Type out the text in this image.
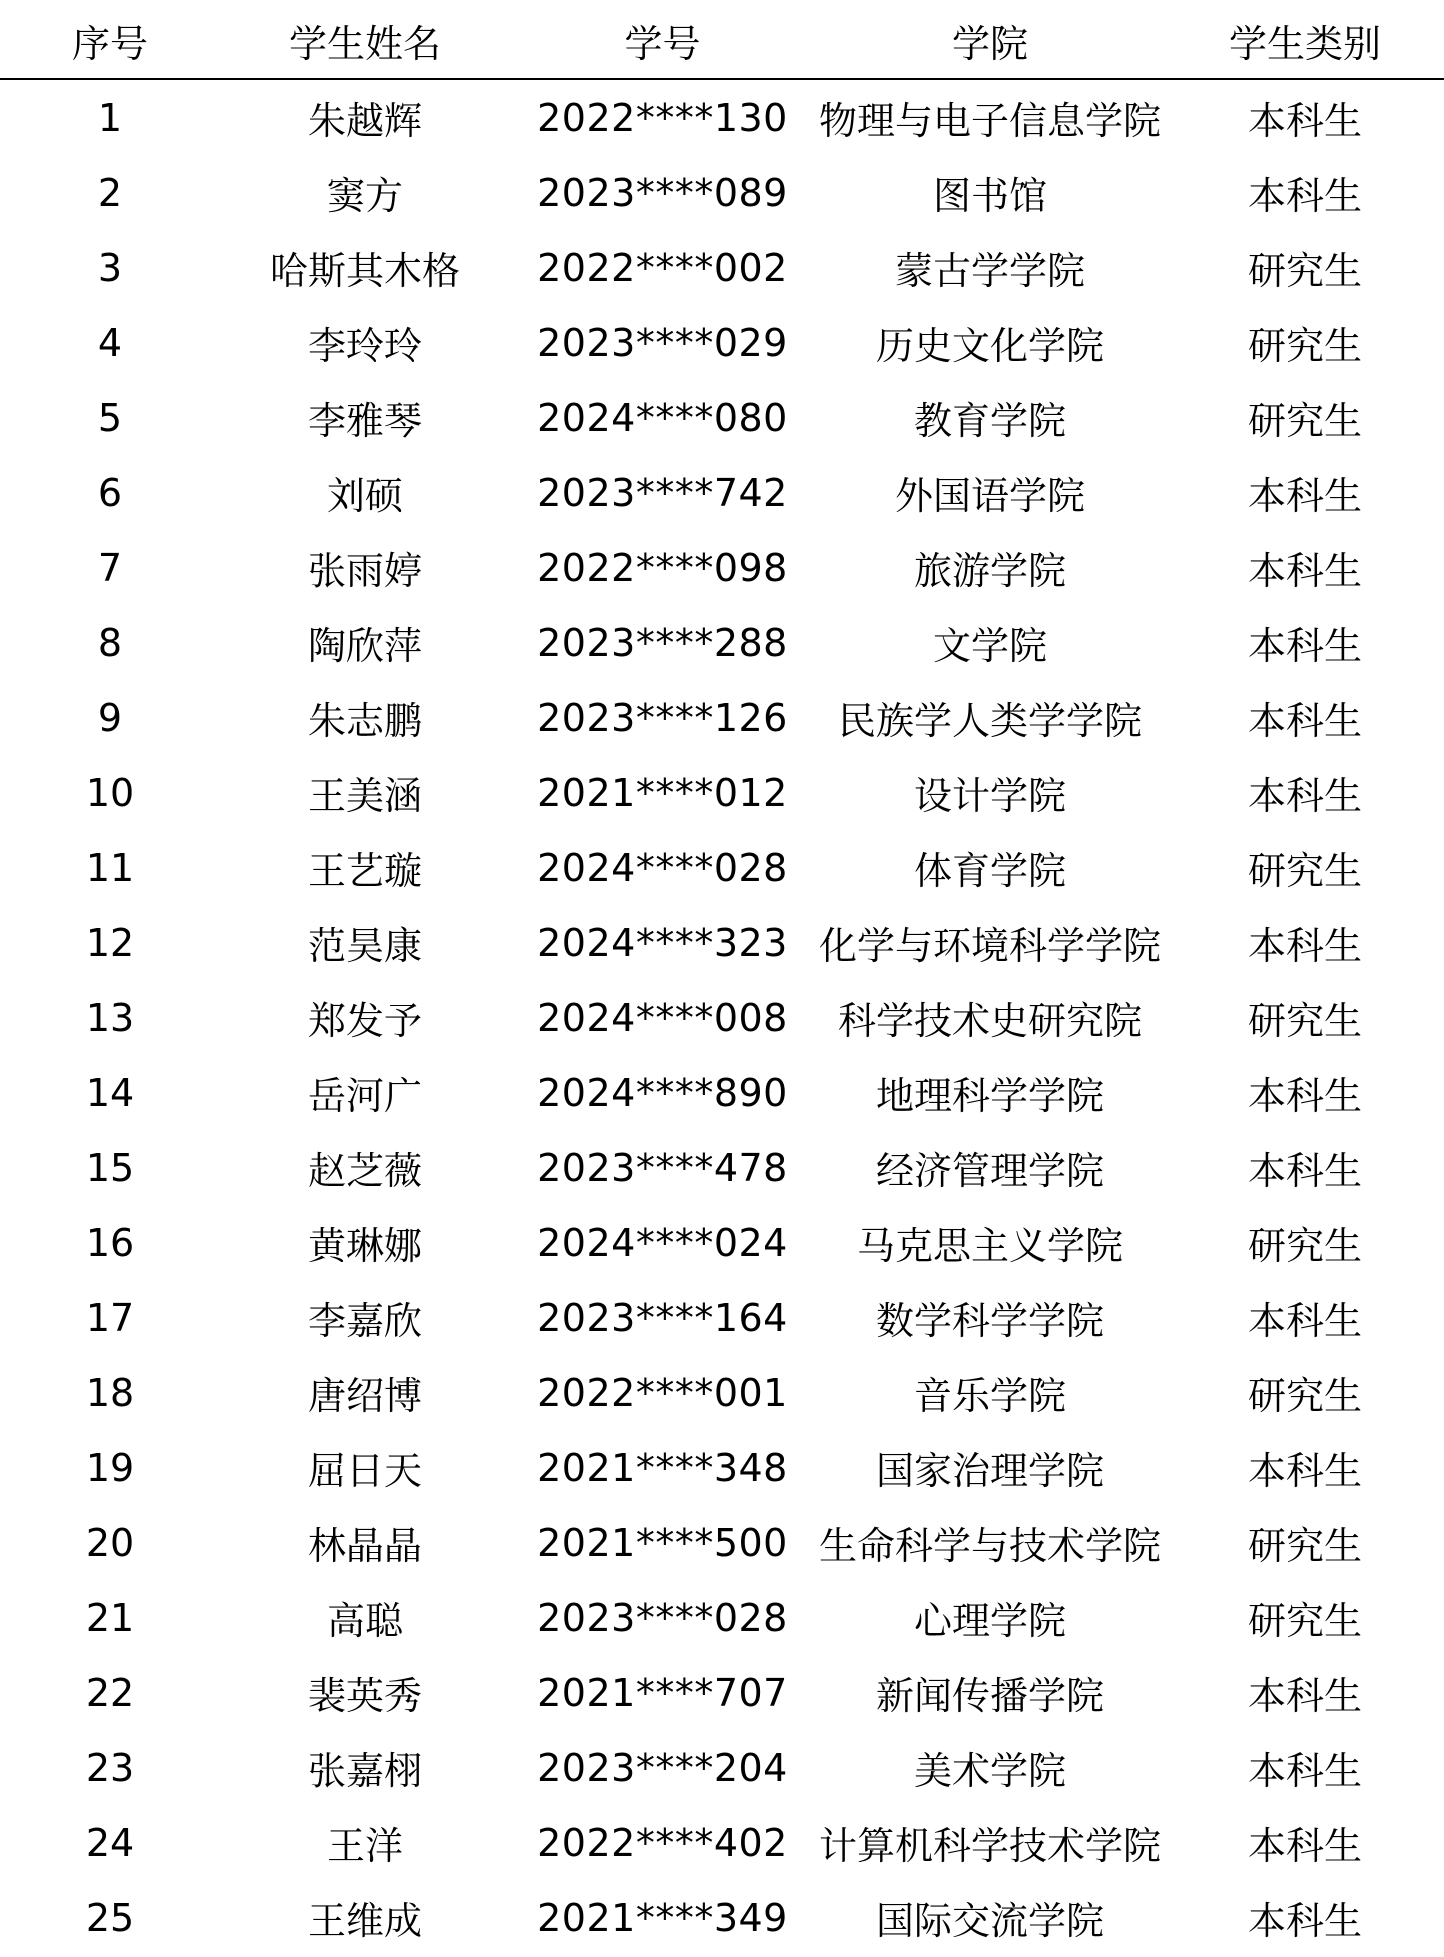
序号	学生姓名	学号	学院	学生类别
1	朱越辉	2022****130 物理与电子信息学院	本科生
2	窦方	2023****089	图书馆	本科生
3	哈斯其木格	2022****002	蒙古学学院	研究生
4	李玲玲	2023****029	历史文化学院	研究生
5	李雅琴	2024****080	教育学院	研究生
6	刘硕	2023****742	外国语学院	本科生
7	张雨婷	2022****098	旅游学院	本科生
8	陶欣萍	2023****288	文学院	本科生
9	朱志鹏	2023****126	民族学人类学学院	本科生
10	王美涵	2021****012	设计学院	本科生
11	王艺璇	2024****028	体育学院	研究生
12	范昊康	2024****323 化学与环境科学学院	本科生
13	郑发予	2024****008	科学技术史研究院	研究生
14	岳河广	2024****890	地理科学学院	本科生
15	赵芝薇	2023****478	经济管理学院	本科生
16	黄琳娜	2024****024	马克思主义学院	研究生
17	李嘉欣	2023****164	数学科学学院	本科生
18	唐绍博	2022****001	音乐学院	研究生
19	屈日天	2021****348	国家治理学院	本科生
20	林晶晶	2021****500 生命科学与技术学院	研究生
21	高聪	2023****028	心理学院	研究生
22	裴英秀	2021****707	新闻传播学院	本科生
23	张嘉栩	2023****204	美术学院	本科生
24	王洋	2022****402 计算机科学技术学院	本科生
25	王维成	2021****349	国际交流学院	本科生
